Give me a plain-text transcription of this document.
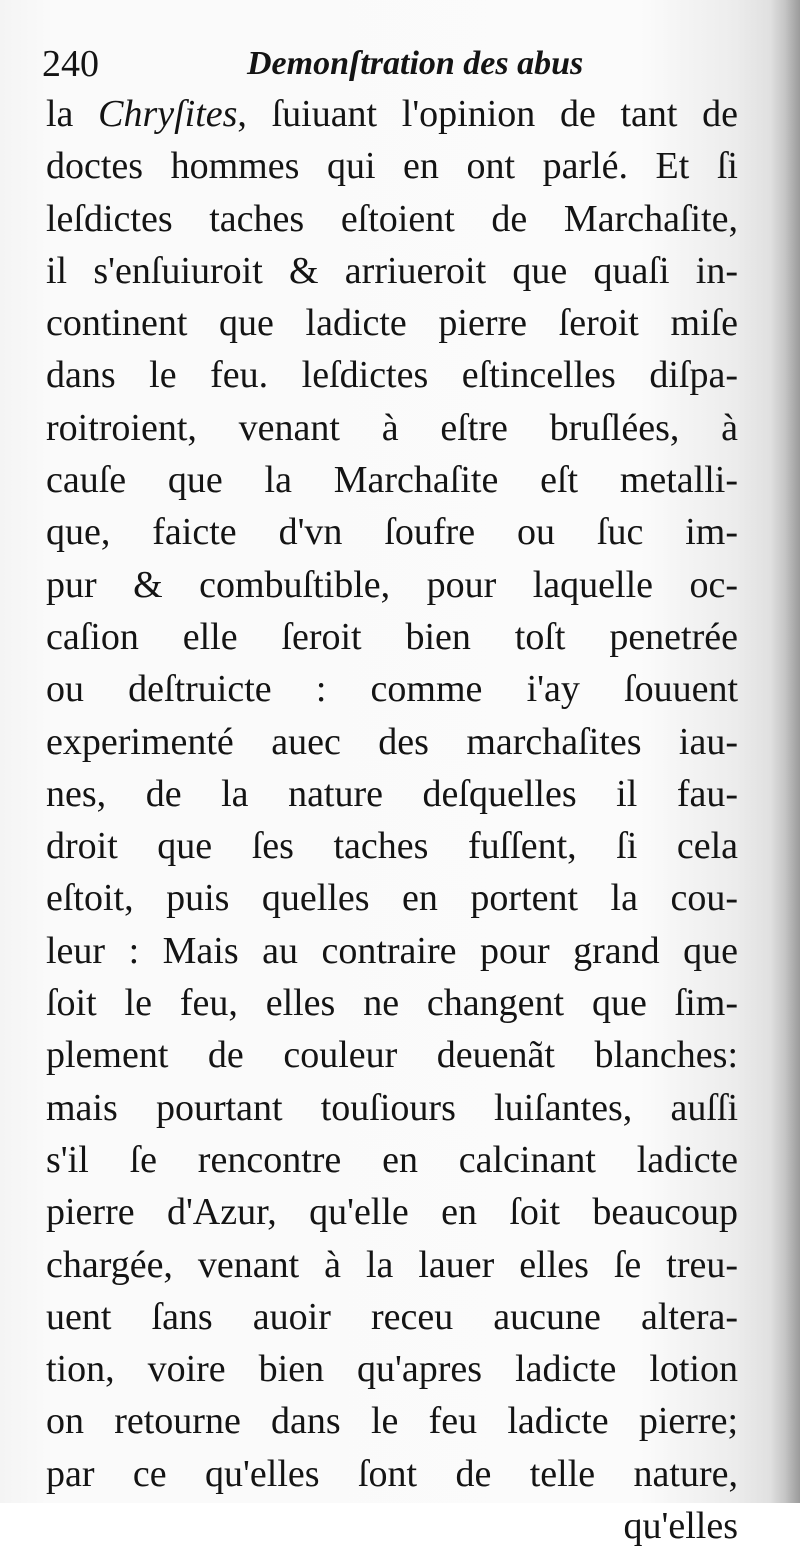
240	Demonſtration des abus
la Chryſites, ſuiuant l'opinion de tant de
doctes hommes qui en ont parlé. Et ſi
leſdictes taches eſtoient de Marchaſite,
il s'enſuiuroit & arriueroit que quaſi in-
continent que ladicte pierre ſeroit miſe
dans le feu. leſdictes eſtincelles diſpa-
roitroient, venant à eſtre bruſlées, à
cauſe que la Marchaſite eſt metalli-
que, faicte d'vn ſoufre ou ſuc im-
pur & combuſtible, pour laquelle oc-
caſion elle ſeroit bien toſt penetrée
ou deſtruicte : comme i'ay ſouuent
experimenté auec des marchaſites iau-
nes, de la nature deſquelles il fau-
droit que ſes taches fuſſent, ſi cela
eſtoit, puis quelles en portent la cou-
leur : Mais au contraire pour grand que
ſoit le feu, elles ne changent que ſim-
plement de couleur deuenãt blanches:
mais pourtant touſiours luiſantes, auſſi
s'il ſe rencontre en calcinant ladicte
pierre d'Azur, qu'elle en ſoit beaucoup
chargée, venant à la lauer elles ſe treu-
uent ſans auoir receu aucune altera-
tion, voire bien qu'apres ladicte lotion
on retourne dans le feu ladicte pierre;
par ce qu'elles ſont de telle nature,
qu'elles
